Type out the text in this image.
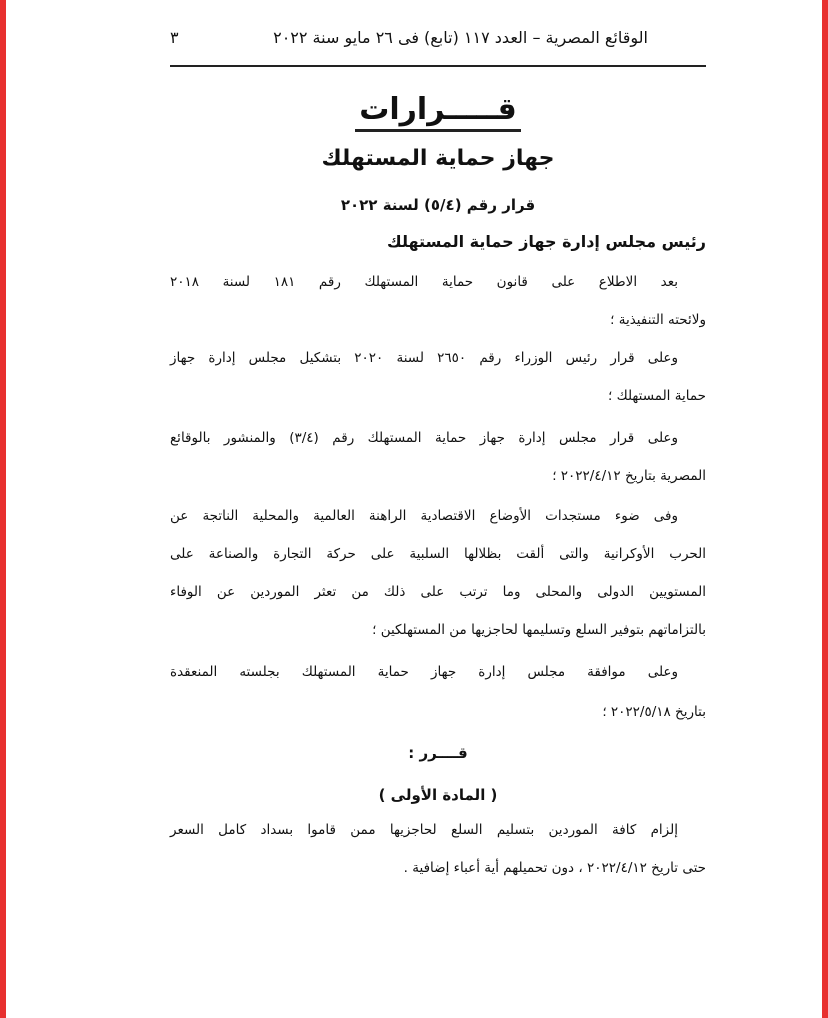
الوقائع المصرية – العدد ١١٧ (تابع) فى ٢٦ مايو سنة ٢٠٢٢
٣
قـــــرارات
جهاز حماية المستهلك
قرار رقم (٥/٤) لسنة ٢٠٢٢
رئيس مجلس إدارة جهاز حماية المستهلك
بعد الاطلاع على قانون حماية المستهلك رقم ١٨١ لسنة ٢٠١٨
ولائحته التنفيذية ؛
وعلى قرار رئيس الوزراء رقم ٢٦٥٠ لسنة ٢٠٢٠ بتشكيل مجلس إدارة جهاز
حماية المستهلك ؛
وعلى قرار مجلس إدارة جهاز حماية المستهلك رقم (٣/٤) والمنشور بالوقائع
المصرية بتاريخ ٢٠٢٢/٤/١٢ ؛
وفى ضوء مستجدات الأوضاع الاقتصادية الراهنة العالمية والمحلية الناتجة عن
الحرب الأوكرانية والتى ألقت بظلالها السلبية على حركة التجارة والصناعة على
المستويين الدولى والمحلى وما ترتب على ذلك من تعثر الموردين عن الوفاء
بالتزاماتهم بتوفير السلع وتسليمها لحاجزيها من المستهلكين ؛
وعلى موافقة مجلس إدارة جهاز حماية المستهلك بجلسته المنعقدة
بتاريخ ٢٠٢٢/٥/١٨ ؛
قــــرر :
( المادة الأولى )
إلزام كافة الموردين بتسليم السلع لحاجزيها ممن قاموا بسداد كامل السعر
حتى تاريخ ٢٠٢٢/٤/١٢ ، دون تحميلهم أية أعباء إضافية .
